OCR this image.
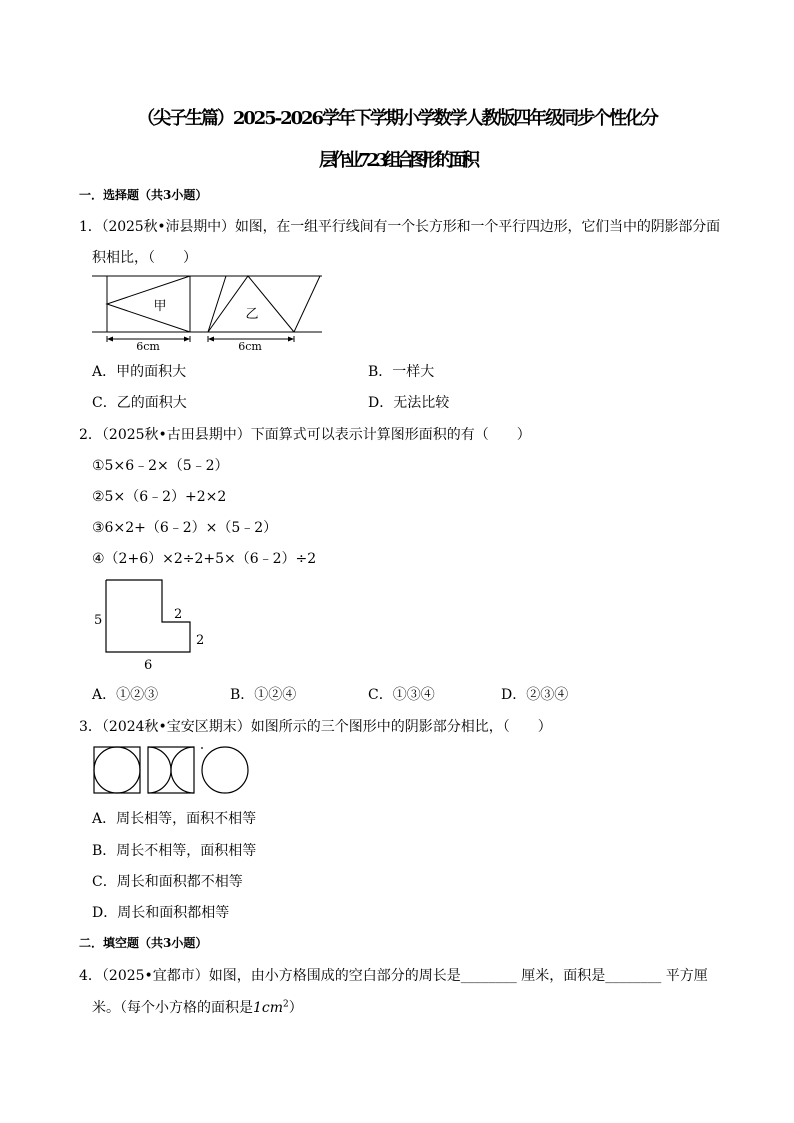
（尖子生篇）2025-2026学年下学期小学数学人教版四年级同步个性化分
层作业7.2.3组合图形的面积
一．选择题（共3小题）
1．（2025秋•沛县期中）如图，在一组平行线间有一个长方形和一个平行四边形，它们当中的阴影部分面
积相比，（　　）
甲
乙
6cm	6cm
A．甲的面积大	B．一样大
C．乙的面积大	D．无法比较
2．（2025秋•古田县期中）下面算式可以表示计算图形面积的有（　　）
①5×6﹣2×（5﹣2）
②5×（6﹣2）+2×2
③6×2+（6﹣2）×（5﹣2）
④（2+6）×2÷2+5×（6﹣2）÷2
5	2
2
6
A．①②③	B．①②④	C．①③④	D．②③④
3．（2024秋•宝安区期末）如图所示的三个图形中的阴影部分相比，（　　）
A．周长相等，面积不相等
B．周长不相等，面积相等
C．周长和面积都不相等
D．周长和面积都相等
二．填空题（共3小题）
4．（2025•宜都市）如图，由小方格围成的空白部分的周长是________ 厘米，面积是________ 平方厘
米。（每个小方格的面积是$1cm^2$）
